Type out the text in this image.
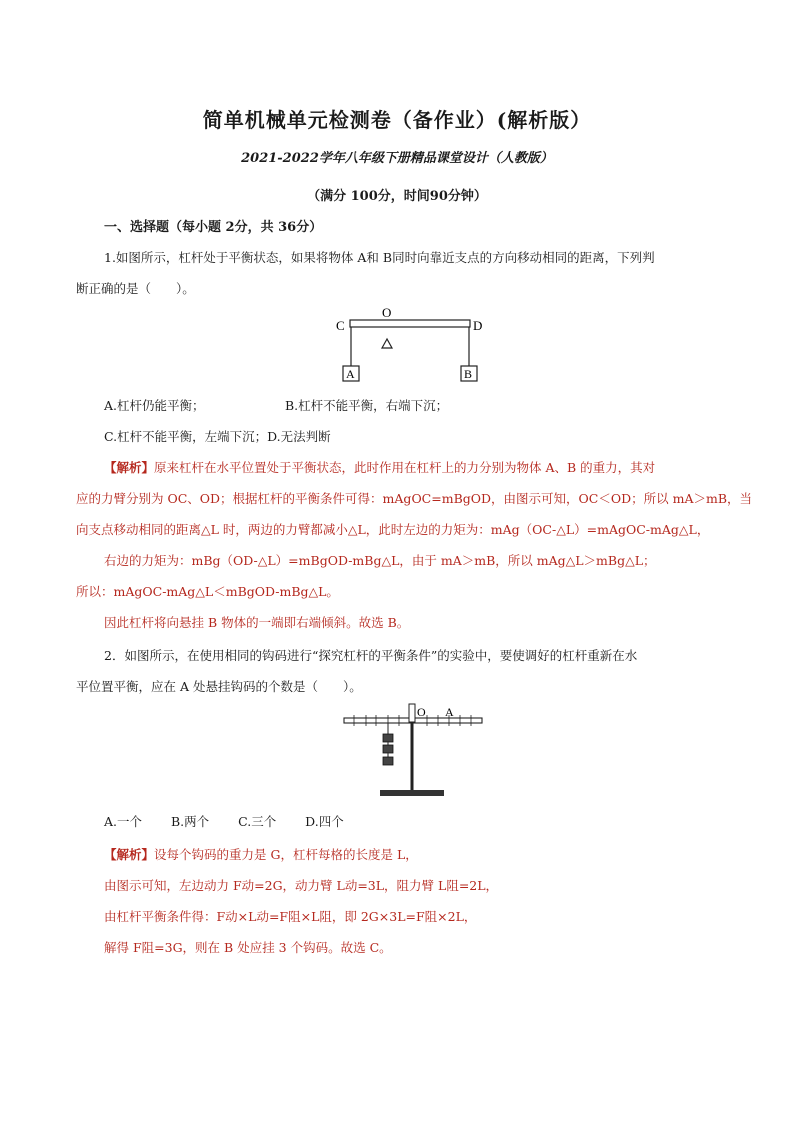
简单机械单元检测卷（备作业）(解析版）
2021-2022学年八年级下册精品课堂设计（人教版）
（满分 100分，时间90分钟）
一、选择题（每小题 2分，共 36分）
1.如图所示，杠杆处于平衡状态，如果将物体 A和 B同时向靠近支点的方向移动相同的距离，下列判
断正确的是（　　）。
C
O
D
A	B
A.杠杆仍能平衡；	B.杠杆不能平衡，右端下沉；
C.杠杆不能平衡，左端下沉；D.无法判断
【解析】原来杠杆在水平位置处于平衡状态，此时作用在杠杆上的力分别为物体 A、B 的重力，其对
应的力臂分别为 OC、OD；根据杠杆的平衡条件可得：mAgOC=mBgOD，由图示可知，OC＜OD；所以 mA＞mB，当
向支点移动相同的距离△L 时，两边的力臂都减小△L，此时左边的力矩为：mAg（OC-△L）=mAgOC-mAg△L，
右边的力矩为：mBg（OD-△L）=mBgOD-mBg△L，由于 mA＞mB，所以 mAg△L＞mBg△L；
所以：mAgOC-mAg△L＜mBgOD-mBg△L。
因此杠杆将向悬挂 B 物体的一端即右端倾斜。故选 B。
2．如图所示，在使用相同的钩码进行“探究杠杆的平衡条件”的实验中，要使调好的杠杆重新在水
平位置平衡，应在 A 处悬挂钩码的个数是（　　）。
O A
A.一个　　 B.两个　　 C.三个　　 D.四个
【解析】设每个钩码的重力是 G，杠杆每格的长度是 L，
由图示可知，左边动力 F动=2G，动力臂 L动=3L，阻力臂 L阻=2L，
由杠杆平衡条件得：F动×L动=F阻×L阻，即 2G×3L=F阻×2L，
解得 F阻=3G，则在 B 处应挂 3 个钩码。故选 C。
